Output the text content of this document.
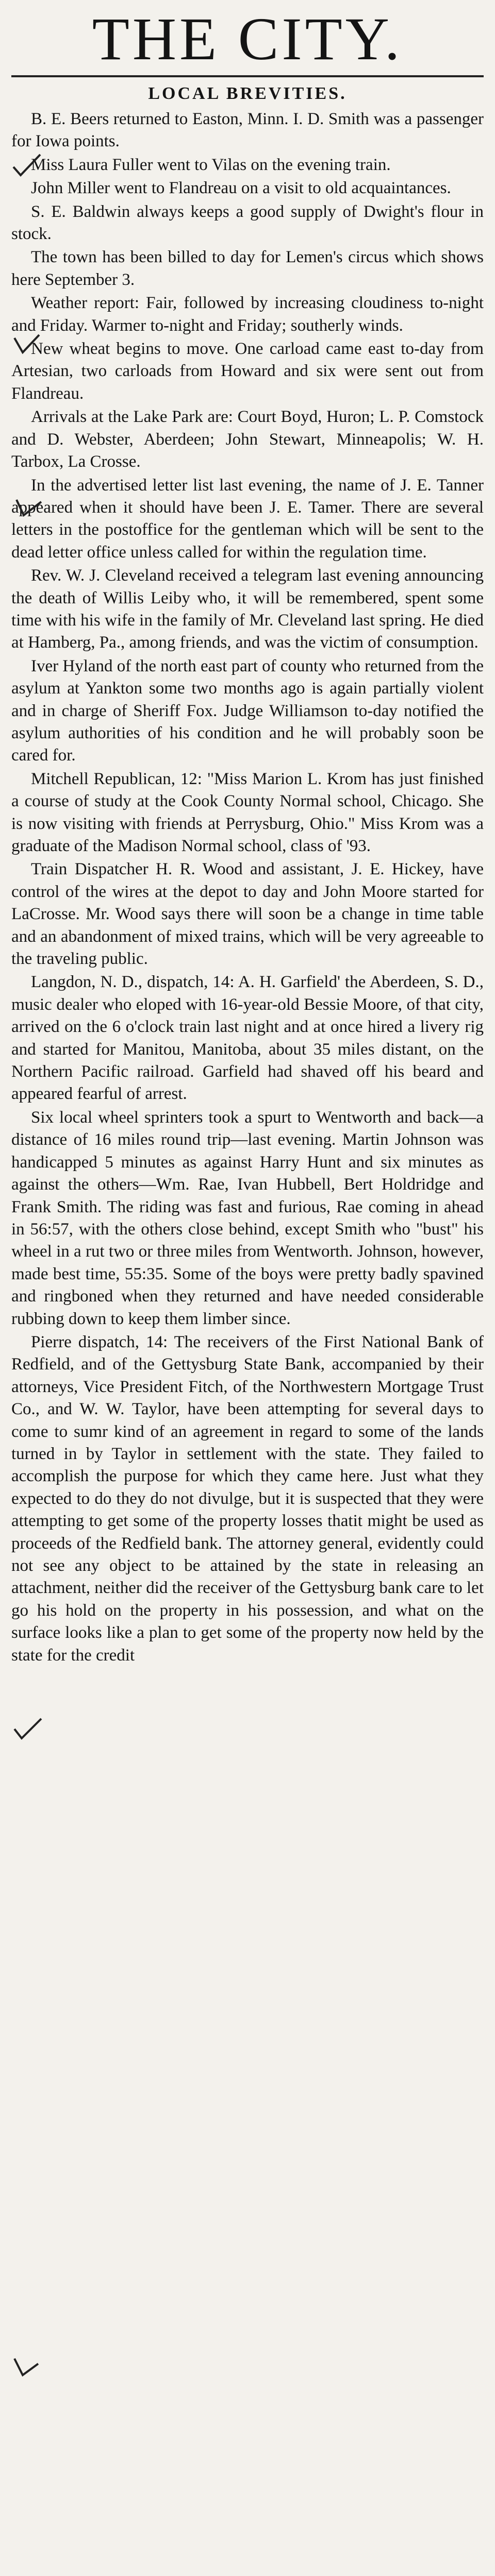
THE CITY.
LOCAL BREVITIES.

B. E. Beers returned to Easton, Minn. I. D. Smith was a passenger for Iowa points.

Miss Laura Fuller went to Vilas on the evening train.

John Miller went to Flandreau on a visit to old acquaintances.

S. E. Baldwin always keeps a good supply of Dwight's flour in stock.

The town has been billed to day for Lemen's circus which shows here September 3.

Weather report: Fair, followed by increasing cloudiness to-night and Friday. Warmer to-night and Friday; southerly winds.

New wheat begins to move. One carload came east to-day from Artesian, two carloads from Howard and six were sent out from Flandreau.

Arrivals at the Lake Park are: Court Boyd, Huron; L. P. Comstock and D. Webster, Aberdeen; John Stewart, Minneapolis; W. H. Tarbox, La Crosse.

In the advertised letter list last evening, the name of J. E. Tanner appeared when it should have been J. E. Tamer. There are several letters in the postoffice for the gentleman which will be sent to the dead letter office unless called for within the regulation time.

Rev. W. J. Cleveland received a telegram last evening announcing the death of Willis Leiby who, it will be remembered, spent some time with his wife in the family of Mr. Cleveland last spring. He died at Hamberg, Pa., among friends, and was the victim of consumption.

Iver Hyland of the north east part of county who returned from the asylum at Yankton some two months ago is again partially violent and in charge of Sheriff Fox. Judge Williamson to-day notified the asylum authorities of his condition and he will probably soon be cared for.

Mitchell Republican, 12: "Miss Marion L. Krom has just finished a course of study at the Cook County Normal school, Chicago. She is now visiting with friends at Perrysburg, Ohio." Miss Krom was a graduate of the Madison Normal school, class of '93.

Train Dispatcher H. R. Wood and assistant, J. E. Hickey, have control of the wires at the depot to day and John Moore started for LaCrosse. Mr. Wood says there will soon be a change in time table and an abandonment of mixed trains, which will be very agreeable to the traveling public.

Langdon, N. D., dispatch, 14: A. H. Garfield' the Aberdeen, S. D., music dealer who eloped with 16-year-old Bessie Moore, of that city, arrived on the 6 o'clock train last night and at once hired a livery rig and started for Manitou, Manitoba, about 35 miles distant, on the Northern Pacific railroad. Garfield had shaved off his beard and appeared fearful of arrest.

Six local wheel sprinters took a spurt to Wentworth and back—a distance of 16 miles round trip—last evening. Martin Johnson was handicapped 5 minutes as against Harry Hunt and six minutes as against the others—Wm. Rae, Ivan Hubbell, Bert Holdridge and Frank Smith. The riding was fast and furious, Rae coming in ahead in 56:57, with the others close behind, except Smith who "bust" his wheel in a rut two or three miles from Wentworth. Johnson, however, made best time, 55:35. Some of the boys were pretty badly spavined and ringboned when they returned and have needed considerable rubbing down to keep them limber since.

Pierre dispatch, 14: The receivers of the First National Bank of Redfield, and of the Gettysburg State Bank, accompanied by their attorneys, Vice President Fitch, of the Northwestern Mortgage Trust Co., and W. W. Taylor, have been attempting for several days to come to sumr kind of an agreement in regard to some of the lands turned in by Taylor in settlement with the state. They failed to accomplish the purpose for which they came here. Just what they expected to do they do not divulge, but it is suspected that they were attempting to get some of the property losses thatit might be used as proceeds of the Redfield bank. The attorney general, evidently could not see any object to be attained by the state in releasing an attachment, neither did the receiver of the Gettysburg bank care to let go his hold on the property in his possession, and what on the surface looks like a plan to get some of the property now held by the state for the credit
